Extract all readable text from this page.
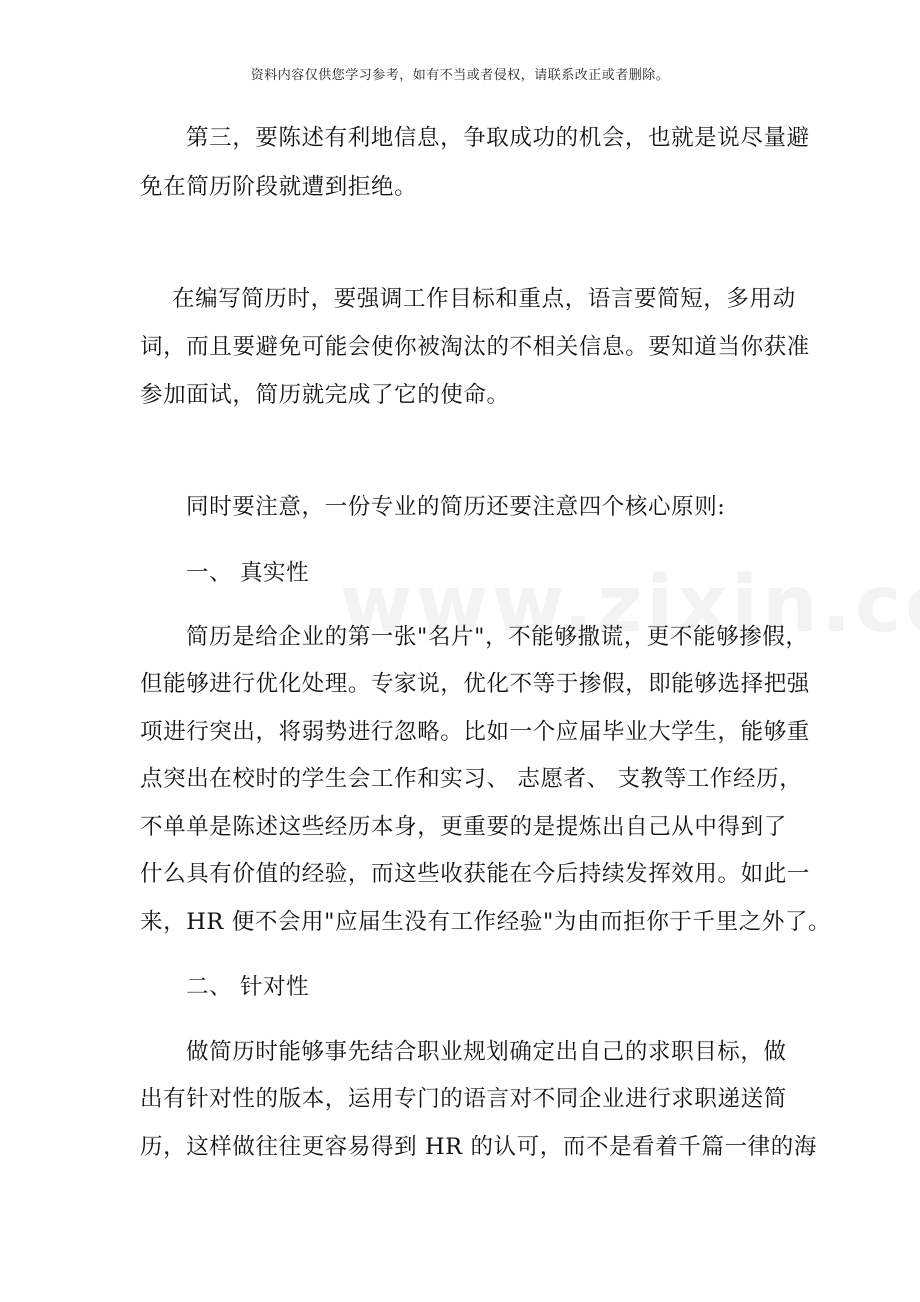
资料内容仅供您学习参考，如有不当或者侵权，请联系改正或者删除。
第三，要陈述有利地信息，争取成功的机会，也就是说尽量避
免在简历阶段就遭到拒绝。
在编写简历时，要强调工作目标和重点，语言要简短，多用动
词，而且要避免可能会使你被淘汰的不相关信息。要知道当你获准
参加面试，简历就完成了它的使命。
同时要注意，一份专业的简历还要注意四个核心原则:
一、 真实性
简历是给企业的第一张"名片"，不能够撒谎，更不能够掺假，
但能够进行优化处理。专家说，优化不等于掺假，即能够选择把强
项进行突出，将弱势进行忽略。比如一个应届毕业大学生，能够重
点突出在校时的学生会工作和实习、 志愿者、 支教等工作经历，
不单单是陈述这些经历本身，更重要的是提炼出自己从中得到了
什么具有价值的经验，而这些收获能在今后持续发挥效用。如此一
来，HR 便不会用"应届生没有工作经验"为由而拒你于千里之外了。
二、 针对性
做简历时能够事先结合职业规划确定出自己的求职目标，做
出有针对性的版本，运用专门的语言对不同企业进行求职递送简
历，这样做往往更容易得到 HR 的认可，而不是看着千篇一律的海
